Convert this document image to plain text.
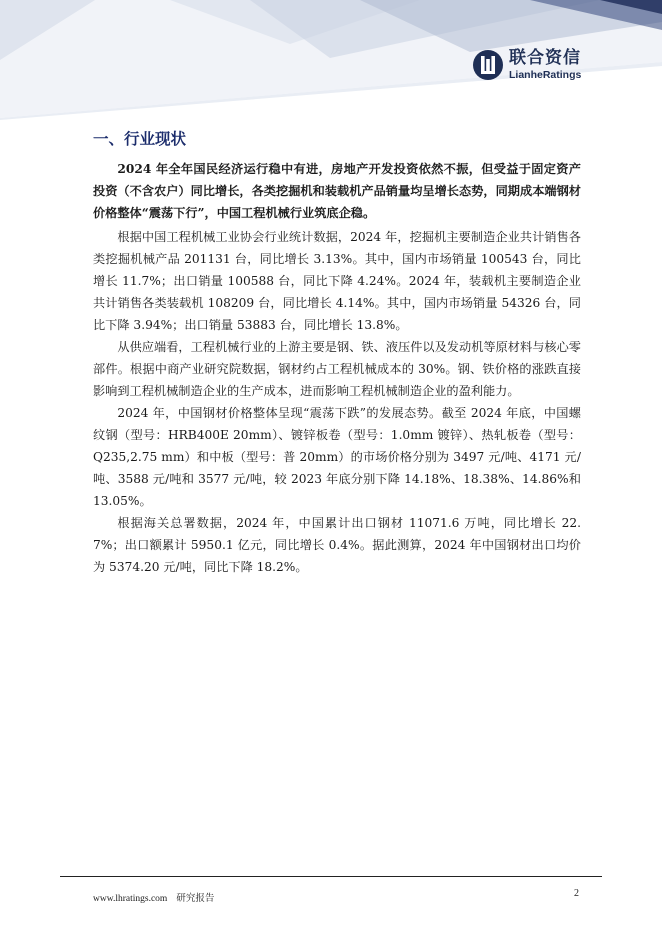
联合资信
LianheRatings
一、行业现状

2024 年全年国民经济运行稳中有进，房地产开发投资依然不振，但受益于固定资产投资（不含农户）同比增长，各类挖掘机和装载机产品销量均呈增长态势，同期成本端钢材价格整体“震荡下行”，中国工程机械行业筑底企稳。

根据中国工程机械工业协会行业统计数据，2024 年，挖掘机主要制造企业共计销售各类挖掘机械产品 201131 台，同比增长 3.13%。其中，国内市场销量 100543 台，同比增长 11.7%；出口销量 100588 台，同比下降 4.24%。2024 年，装载机主要制造企业共计销售各类装载机 108209 台，同比增长 4.14%。其中，国内市场销量 54326 台，同比下降 3.94%；出口销量 53883 台，同比增长 13.8%。

从供应端看，工程机械行业的上游主要是钢、铁、液压件以及发动机等原材料与核心零部件。根据中商产业研究院数据，钢材约占工程机械成本的 30%。钢、铁价格的涨跌直接影响到工程机械制造企业的生产成本，进而影响工程机械制造企业的盈利能力。

2024 年，中国钢材价格整体呈现“震荡下跌”的发展态势。截至 2024 年底，中国螺纹钢（型号：HRB400E 20mm）、镀锌板卷（型号：1.0mm 镀锌）、热轧板卷（型号：Q235,2.75 mm）和中板（型号：普 20mm）的市场价格分别为 3497 元/吨、4171 元/吨、3588 元/吨和 3577 元/吨，较 2023 年底分别下降 14.18%、18.38%、14.86%和 13.05%。

根据海关总署数据，2024 年，中国累计出口钢材 11071.6 万吨，同比增长 22.7%；出口额累计 5950.1 亿元，同比增长 0.4%。据此测算，2024 年中国钢材出口均价为 5374.20 元/吨，同比下降 18.2%。

www.lhratings.com 研究报告	2
